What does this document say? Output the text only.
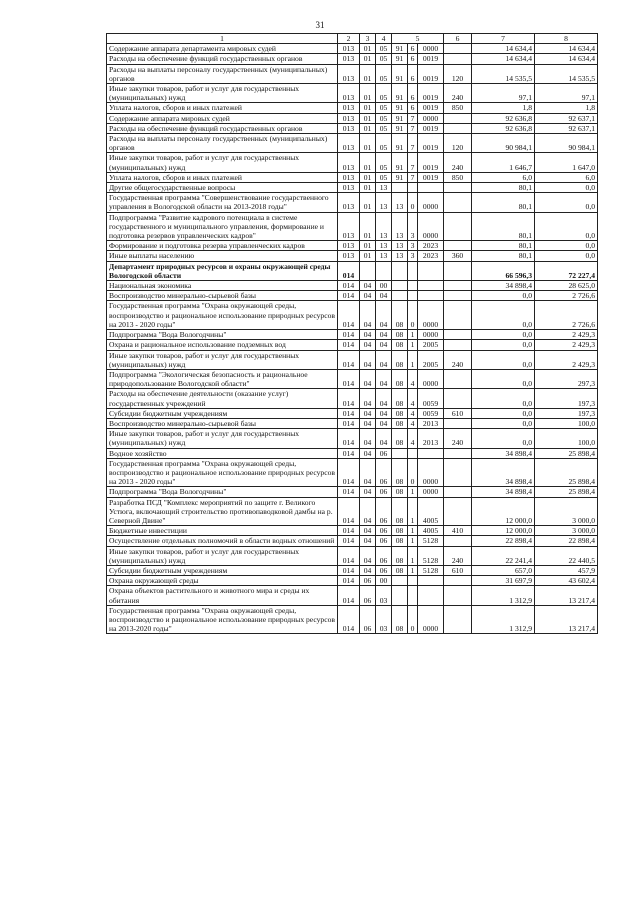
31
1	2	3	4	5			6	7	8
Содержание аппарата департамента мировых судей	013	01	05	91	6	0000		14 634,4	14 634,4
Расходы на обеспечение функций государственных органов	013	01	05	91	6	0019		14 634,4	14 634,4
Расходы на выплаты персоналу государственных (муниципальных) органов	013	01	05	91	6	0019	120	14 535,5	14 535,5
Иные закупки товаров, работ и услуг для государственных (муниципальных) нужд	013	01	05	91	6	0019	240	97,1	97,1
Уплата налогов, сборов и иных платежей	013	01	05	91	6	0019	850	1,8	1,8
Содержание аппарата мировых судей	013	01	05	91	7	0000		92 636,8	92 637,1
Расходы на обеспечение функций государственных органов	013	01	05	91	7	0019		92 636,8	92 637,1
Расходы на выплаты персоналу государственных (муниципальных) органов	013	01	05	91	7	0019	120	90 984,1	90 984,1
Иные закупки товаров, работ и услуг для государственных (муниципальных) нужд	013	01	05	91	7	0019	240	1 646,7	1 647,0
Уплата налогов, сборов и иных платежей	013	01	05	91	7	0019	850	6,0	6,0
Другие общегосударственные вопросы	013	01	13					80,1	0,0
Государственная программа "Совершенствование государственного управления в Вологодской области на 2013-2018 годы"	013	01	13	13	0	0000		80,1	0,0
Подпрограмма "Развитие кадрового потенциала в системе государственного и муниципального управления, формирование и подготовка резервов управленческих кадров"	013	01	13	13	3	0000		80,1	0,0
Формирование и подготовка резерва управленческих кадров	013	01	13	13	3	2023		80,1	0,0
Иные выплаты населению	013	01	13	13	3	2023	360	80,1	0,0
Департамент природных ресурсов и охраны окружающей среды Вологодской области	014							66 596,3	72 227,4
Национальная экономика	014	04	00					34 898,4	28 625,0
Воспроизводство минерально-сырьевой базы	014	04	04					0,0	2 726,6
Государственная программа "Охрана окружающей среды, воспроизводство и рациональное использование природных ресурсов на 2013 - 2020 годы"	014	04	04	08	0	0000		0,0	2 726,6
Подпрограмма "Вода Вологодчины"	014	04	04	08	1	0000		0,0	2 429,3
Охрана и рациональное использование подземных вод	014	04	04	08	1	2005		0,0	2 429,3
Иные закупки товаров, работ и услуг для государственных (муниципальных) нужд	014	04	04	08	1	2005	240	0,0	2 429,3
Подпрограмма "Экологическая безопасность и рациональное природопользование Вологодской области"	014	04	04	08	4	0000		0,0	297,3
Расходы на обеспечение деятельности (оказание услуг) государственных учреждений	014	04	04	08	4	0059		0,0	197,3
Субсидии бюджетным учреждениям	014	04	04	08	4	0059	610	0,0	197,3
Воспроизводство минерально-сырьевой базы	014	04	04	08	4	2013		0,0	100,0
Иные закупки товаров, работ и услуг для государственных (муниципальных) нужд	014	04	04	08	4	2013	240	0,0	100,0
Водное хозяйство	014	04	06					34 898,4	25 898,4
Государственная программа "Охрана окружающей среды, воспроизводство и рациональное использование природных ресурсов на 2013 - 2020 годы"	014	04	06	08	0	0000		34 898,4	25 898,4
Подпрограмма "Вода Вологодчины"	014	04	06	08	1	0000		34 898,4	25 898,4
Разработка ПСД "Комплекс мероприятий по защите г. Великого Устюга, включающий строительство противопаводковой дамбы на р. Северной Двине"	014	04	06	08	1	4005		12 000,0	3 000,0
Бюджетные инвестиции	014	04	06	08	1	4005	410	12 000,0	3 000,0
Осуществление отдельных полномочий в области водных отношений	014	04	06	08	1	5128		22 898,4	22 898,4
Иные закупки товаров, работ и услуг для государственных (муниципальных) нужд	014	04	06	08	1	5128	240	22 241,4	22 440,5
Субсидии бюджетным учреждениям	014	04	06	08	1	5128	610	657,0	457,9
Охрана окружающей среды	014	06	00					31 697,9	43 602,4
Охрана объектов растительного и животного мира и среды их обитания	014	06	03					1 312,9	13 217,4
Государственная программа "Охрана окружающей среды, воспроизводство и рациональное использование природных ресурсов на 2013-2020 годы"	014	06	03	08	0	0000		1 312,9	13 217,4
